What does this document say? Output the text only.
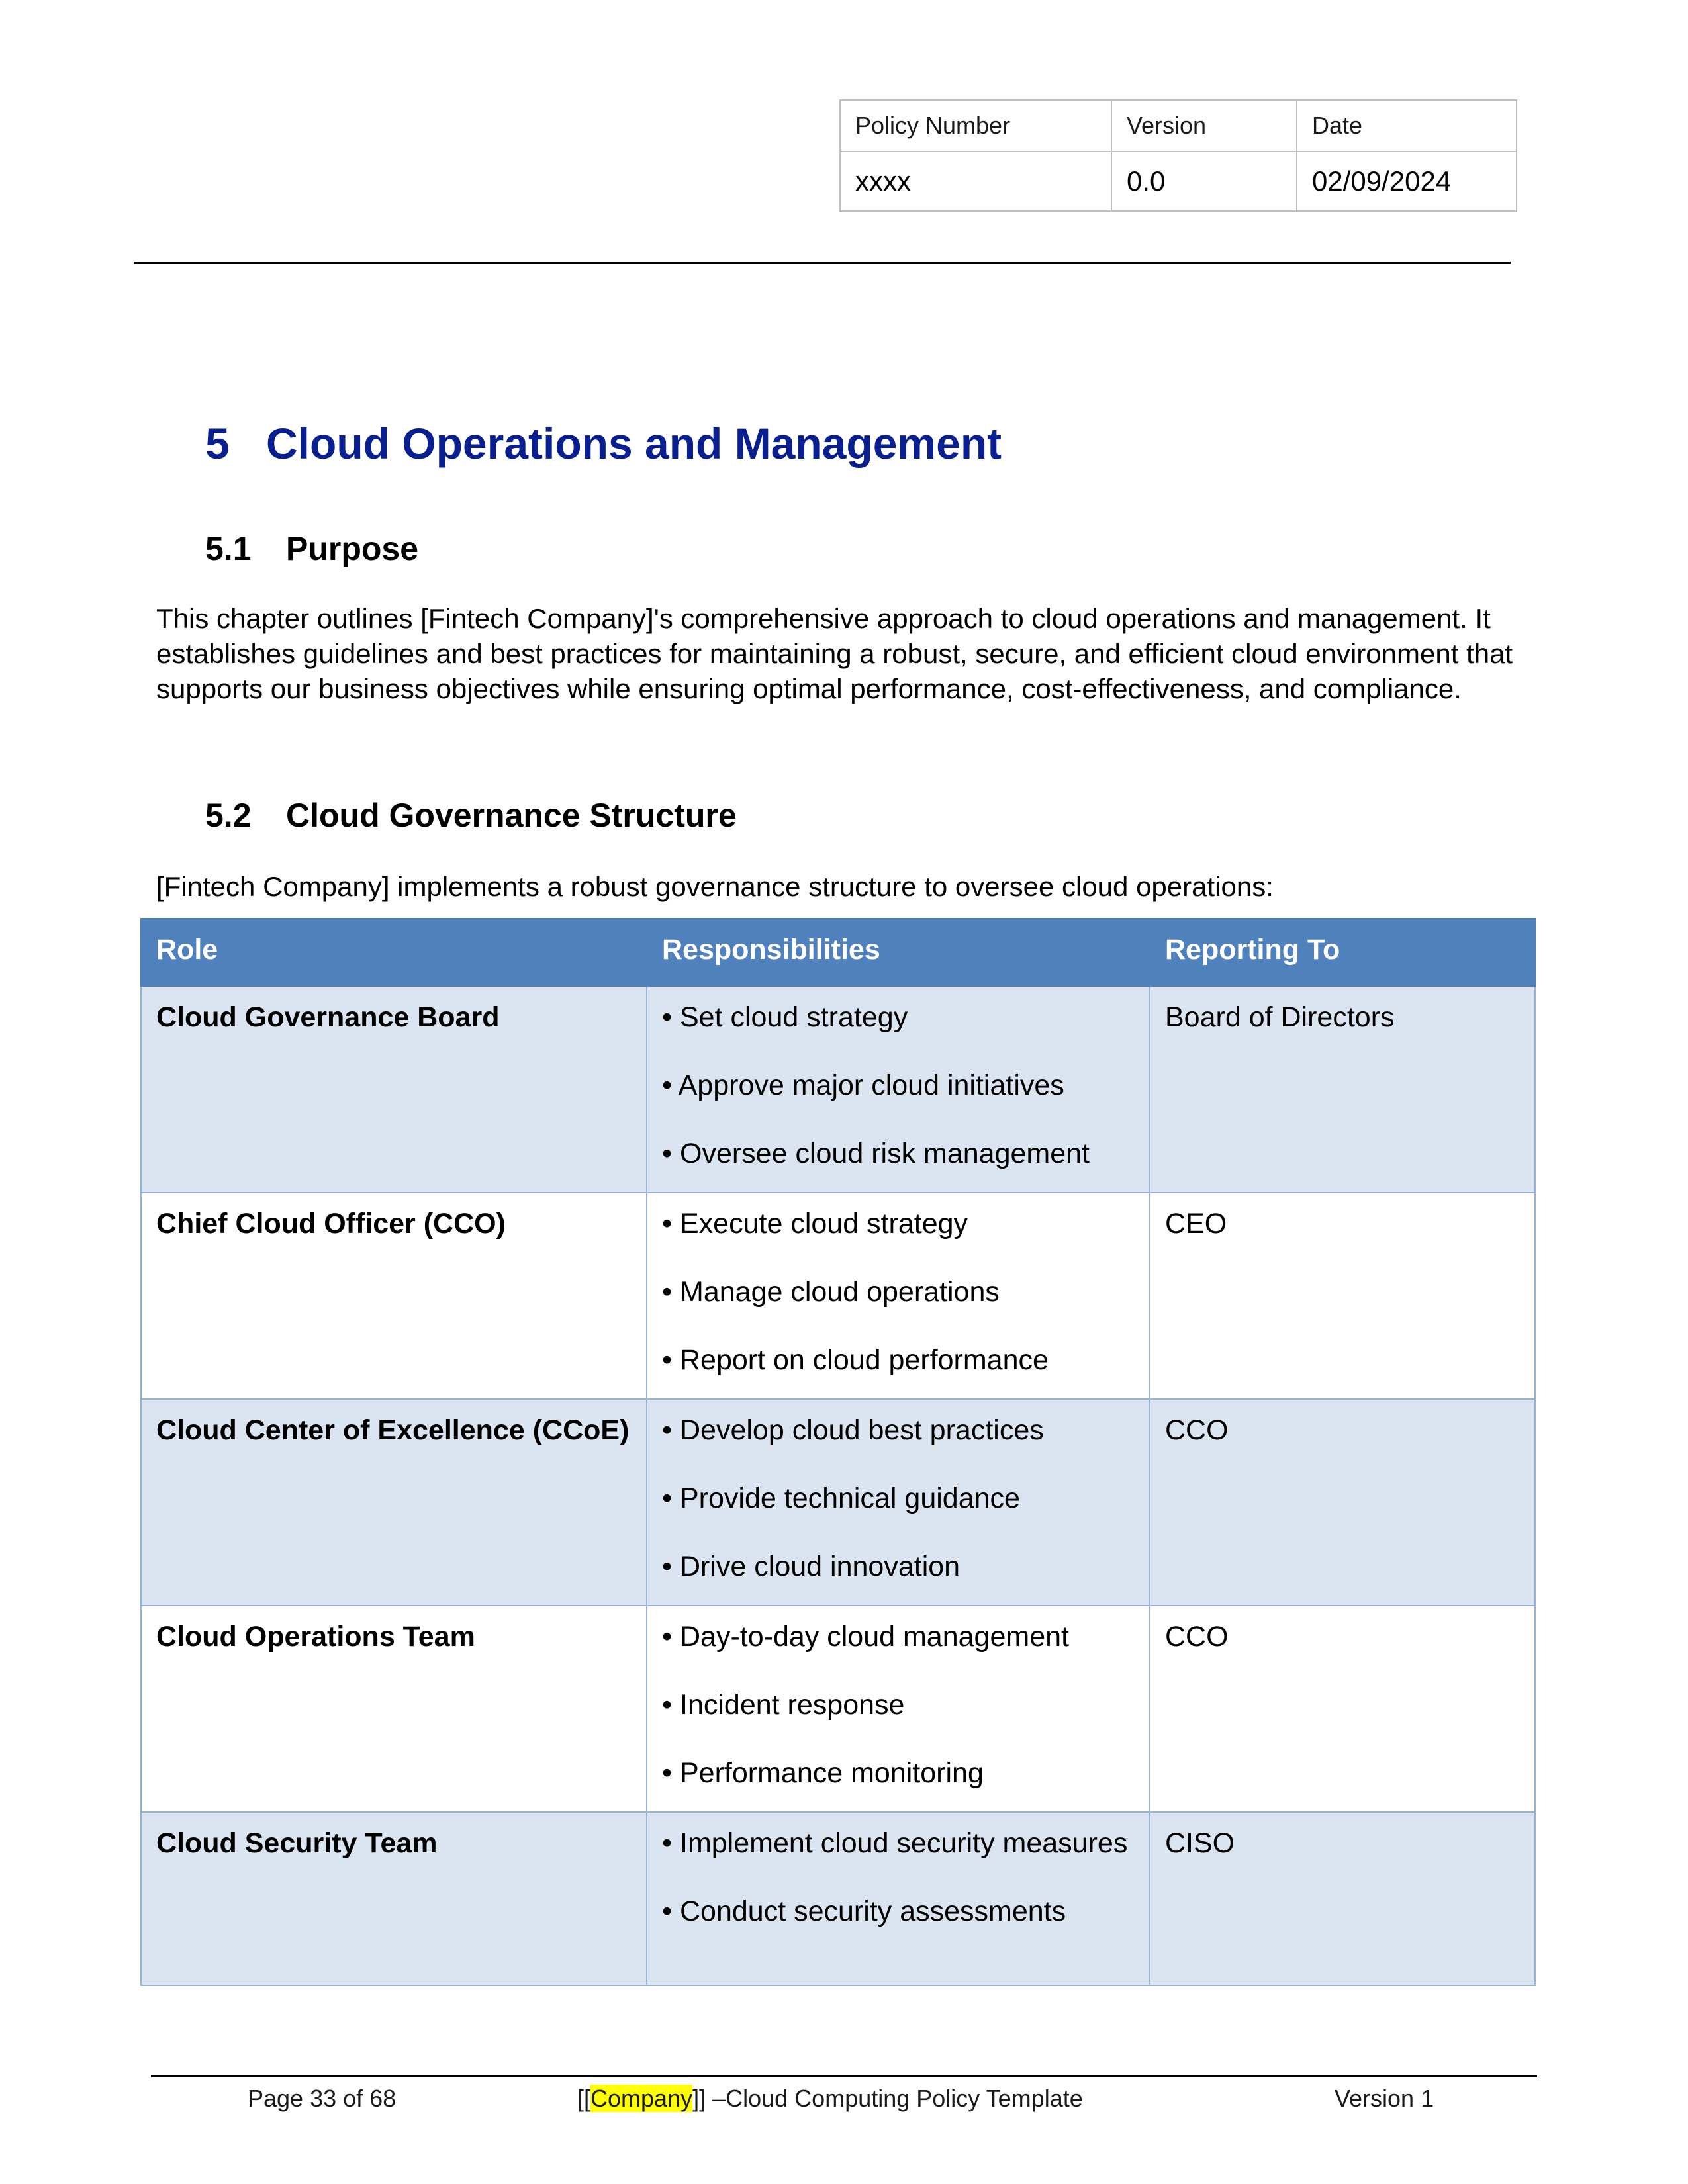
Policy Number	Version	Date
xxxx	0.0	02/09/2024
5 Cloud Operations and Management
5.1 Purpose

This chapter outlines [Fintech Company]'s comprehensive approach to cloud operations and management. It establishes guidelines and best practices for maintaining a robust, secure, and efficient cloud environment that supports our business objectives while ensuring optimal performance, cost-effectiveness, and compliance.

5.2 Cloud Governance Structure

[Fintech Company] implements a robust governance structure to oversee cloud operations:

Role	Responsibilities	Reporting To
Cloud Governance Board	• Set cloud strategy
• Approve major cloud initiatives
• Oversee cloud risk management	Board of Directors
Chief Cloud Officer (CCO)	• Execute cloud strategy
• Manage cloud operations
• Report on cloud performance	CEO
Cloud Center of Excellence (CCoE)	• Develop cloud best practices
• Provide technical guidance
• Drive cloud innovation	CCO
Cloud Operations Team	• Day-to-day cloud management
• Incident response
• Performance monitoring	CCO
Cloud Security Team	• Implement cloud security measures
• Conduct security assessments	CISO
Page 33 of 68	[[Company]] –Cloud Computing Policy Template	Version 1
